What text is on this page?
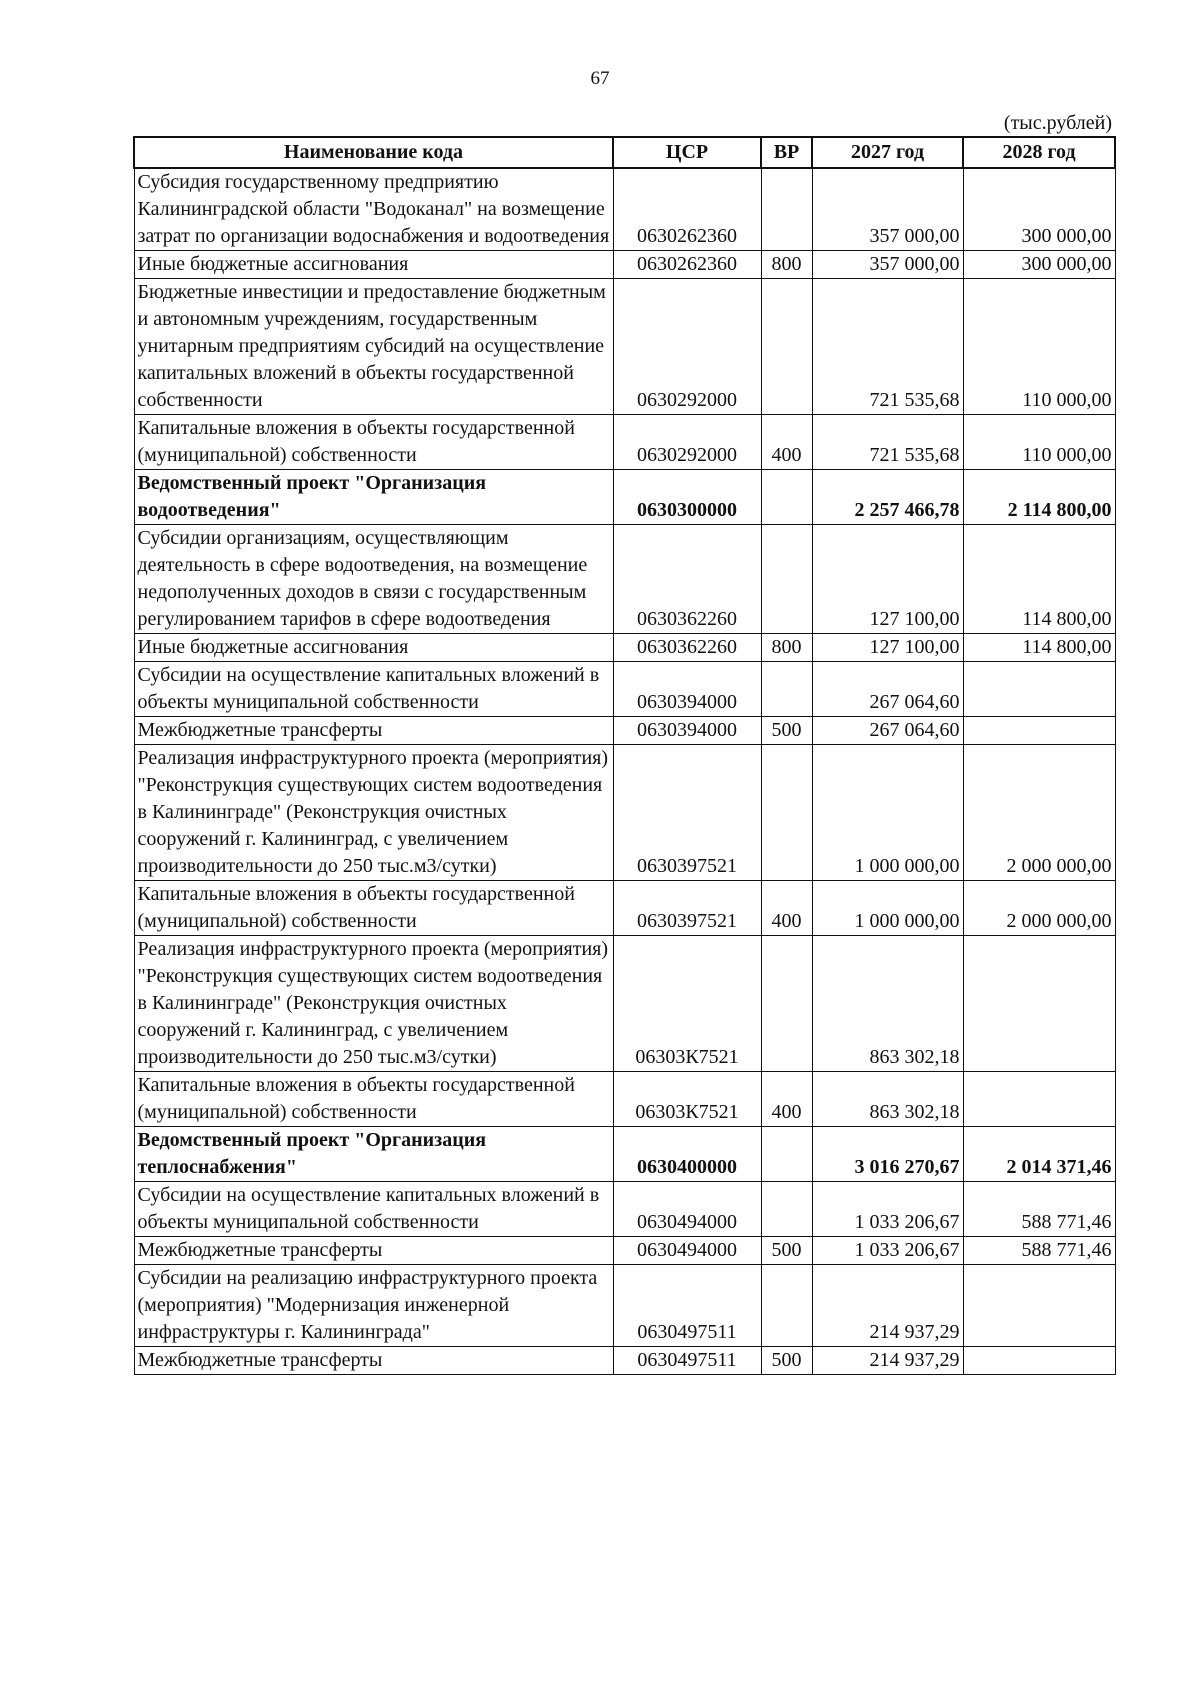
67
(тыс.рублей)
Наименование кода	ЦСР	ВР	2027 год	2028 год
Субсидия государственному предприятию Калининградской области "Водоканал" на возмещение затрат по организации водоснабжения и водоотведения	0630262360		357 000,00	300 000,00
Иные бюджетные ассигнования	0630262360	800	357 000,00	300 000,00
Бюджетные инвестиции и предоставление бюджетным и автономным учреждениям, государственным унитарным предприятиям субсидий на осуществление капитальных вложений в объекты государственной собственности	0630292000		721 535,68	110 000,00
Капитальные вложения в объекты государственной (муниципальной) собственности	0630292000	400	721 535,68	110 000,00
Ведомственный проект "Организация водоотведения"	0630300000		2 257 466,78	2 114 800,00
Субсидии организациям, осуществляющим деятельность в сфере водоотведения, на возмещение недополученных доходов в связи с государственным регулированием тарифов в сфере водоотведения	0630362260		127 100,00	114 800,00
Иные бюджетные ассигнования	0630362260	800	127 100,00	114 800,00
Субсидии на осуществление капитальных вложений в объекты муниципальной собственности	0630394000		267 064,60	
Межбюджетные трансферты	0630394000	500	267 064,60	
Реализация инфраструктурного проекта (мероприятия) "Реконструкция существующих систем водоотведения в Калининграде" (Реконструкция очистных сооружений г. Калининград, с увеличением производительности до 250 тыс.м3/сутки)	0630397521		1 000 000,00	2 000 000,00
Капитальные вложения в объекты государственной (муниципальной) собственности	0630397521	400	1 000 000,00	2 000 000,00
Реализация инфраструктурного проекта (мероприятия) "Реконструкция существующих систем водоотведения в Калининграде" (Реконструкция очистных сооружений г. Калининград, с увеличением производительности до 250 тыс.м3/сутки)	06303К7521		863 302,18	
Капитальные вложения в объекты государственной (муниципальной) собственности	06303К7521	400	863 302,18	
Ведомственный проект "Организация теплоснабжения"	0630400000		3 016 270,67	2 014 371,46
Субсидии на осуществление капитальных вложений в объекты муниципальной собственности	0630494000		1 033 206,67	588 771,46
Межбюджетные трансферты	0630494000	500	1 033 206,67	588 771,46
Субсидии на реализацию инфраструктурного проекта (мероприятия) "Модернизация инженерной инфраструктуры г. Калининграда"	0630497511		214 937,29	
Межбюджетные трансферты	0630497511	500	214 937,29	
